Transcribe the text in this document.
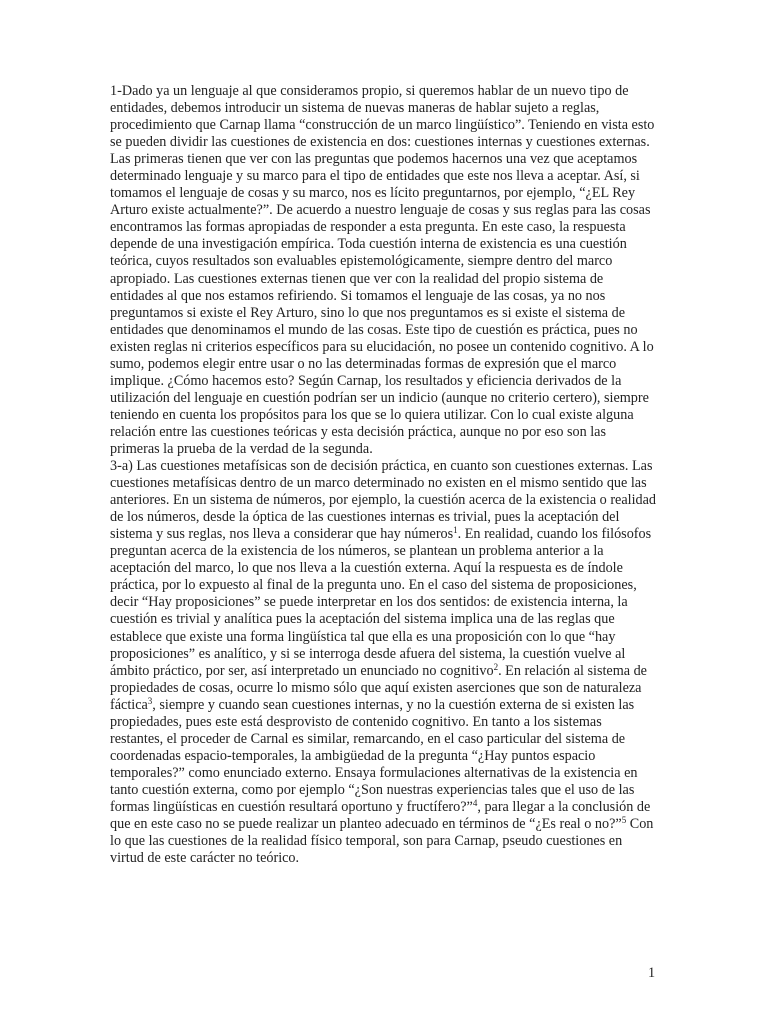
1-Dado ya un lenguaje al que consideramos propio, si queremos hablar de un nuevo tipo de entidades, debemos introducir un sistema de nuevas maneras de hablar sujeto a reglas, procedimiento que Carnap llama “construcción de un marco lingüístico”. Teniendo en vista esto se pueden dividir las cuestiones de existencia en dos: cuestiones internas y cuestiones externas. Las primeras tienen que ver con las preguntas que podemos hacernos una vez que aceptamos determinado lenguaje y su marco para el tipo de entidades que este nos lleva a aceptar. Así, si tomamos el lenguaje de cosas y su marco, nos es lícito preguntarnos, por ejemplo, “¿EL Rey Arturo existe actualmente?”. De acuerdo a nuestro lenguaje de cosas y sus reglas para las cosas encontramos las formas apropiadas de responder a esta pregunta. En este caso, la respuesta depende de una investigación empírica. Toda cuestión interna de existencia es una cuestión teórica, cuyos resultados son evaluables epistemológicamente, siempre dentro del marco apropiado. Las cuestiones externas tienen que ver con la realidad del propio sistema de entidades al que nos estamos refiriendo. Si tomamos el lenguaje de las cosas, ya no nos preguntamos si existe el Rey Arturo, sino lo que nos preguntamos es si existe el sistema de entidades que denominamos el mundo de las cosas. Este tipo de cuestión es práctica, pues no existen reglas ni criterios específicos para su elucidación, no posee un contenido cognitivo. A lo sumo, podemos elegir entre usar o no las determinadas formas de expresión que el marco implique. ¿Cómo hacemos esto? Según Carnap, los resultados y eficiencia derivados de la utilización del lenguaje en cuestión podrían ser un indicio (aunque no criterio certero), siempre teniendo en cuenta los propósitos para los que se lo quiera utilizar. Con lo cual existe alguna relación entre las cuestiones teóricas y esta decisión práctica, aunque no por eso son las primeras la prueba de la verdad de la segunda.

3-a) Las cuestiones metafísicas son de decisión práctica, en cuanto son cuestiones externas. Las cuestiones metafísicas dentro de un marco determinado no existen en el mismo sentido que las anteriores. En un sistema de números, por ejemplo, la cuestión acerca de la existencia o realidad de los números, desde la óptica de las cuestiones internas es trivial, pues la aceptación del sistema y sus reglas, nos lleva a considerar que hay números$^1$. En realidad, cuando los filósofos preguntan acerca de la existencia de los números, se plantean un problema anterior a la aceptación del marco, lo que nos lleva a la cuestión externa. Aquí la respuesta es de índole práctica, por lo expuesto al final de la pregunta uno. En el caso del sistema de proposiciones, decir “Hay proposiciones” se puede interpretar en los dos sentidos: de existencia interna, la cuestión es trivial y analítica pues la aceptación del sistema implica una de las reglas que establece que existe una forma lingüística tal que ella es una proposición con lo que “hay proposiciones” es analítico, y si se interroga desde afuera del sistema, la cuestión vuelve al ámbito práctico, por ser, así interpretado un enunciado no cognitivo$^2$. En relación al sistema de propiedades de cosas, ocurre lo mismo sólo que aquí existen aserciones que son de naturaleza fáctica$^3$, siempre y cuando sean cuestiones internas, y no la cuestión externa de si existen las propiedades, pues este está desprovisto de contenido cognitivo. En tanto a los sistemas restantes, el proceder de Carnal es similar, remarcando, en el caso particular del sistema de coordenadas espacio-temporales, la ambigüedad de la pregunta “¿Hay puntos espacio temporales?” como enunciado externo. Ensaya formulaciones alternativas de la existencia en tanto cuestión externa, como por ejemplo “¿Son nuestras experiencias tales que el uso de las formas lingüísticas en cuestión resultará oportuno y fructífero?”$^4$, para llegar a la conclusión de que en este caso no se puede realizar un planteo adecuado en términos de “¿Es real o no?”$^5$ Con lo que las cuestiones de la realidad físico temporal, son para Carnap, pseudo cuestiones en virtud de este carácter no teórico.

1
